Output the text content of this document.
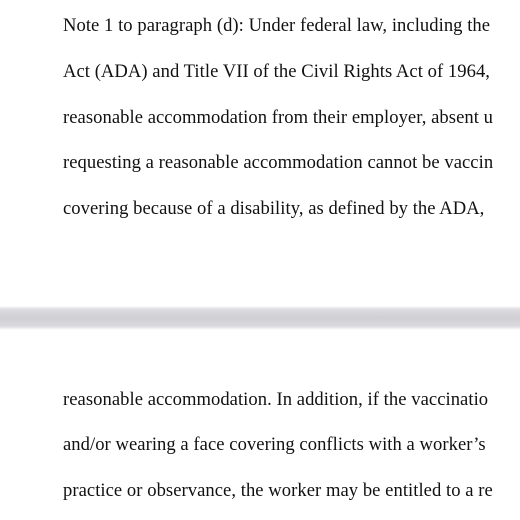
Note 1 to paragraph (d): Under federal law, including the
Act (ADA) and Title VII of the Civil Rights Act of 1964,
reasonable accommodation from their employer, absent u
requesting a reasonable accommodation cannot be vaccin
covering because of a disability, as defined by the ADA,
reasonable accommodation. In addition, if the vaccinatio
and/or wearing a face covering conflicts with a worker’s
practice or observance, the worker may be entitled to a re
